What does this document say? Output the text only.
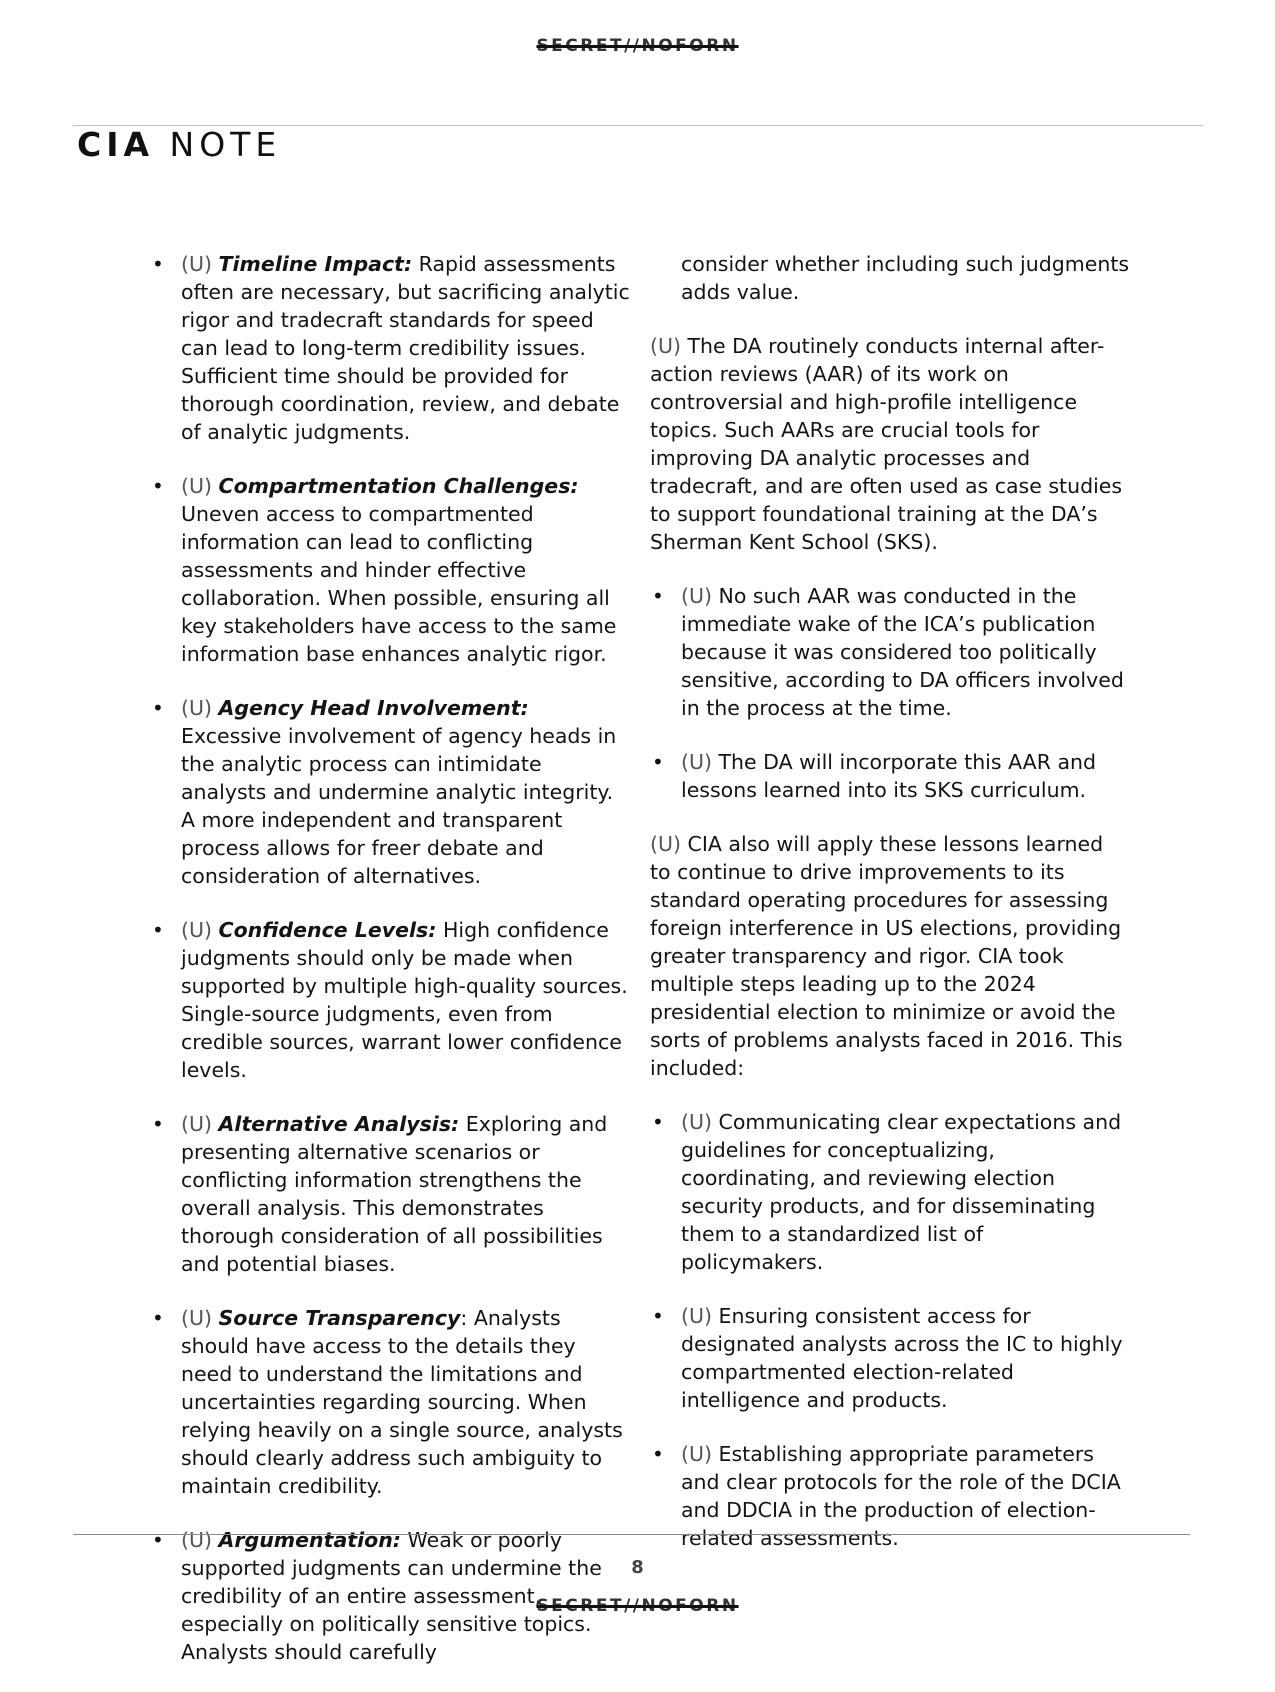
SECRET//NOFORN
CIA NOTE
• (U) Timeline Impact: Rapid assessments often are necessary, but sacrificing analytic rigor and tradecraft standards for speed can lead to long-term credibility issues. Sufficient time should be provided for thorough coordination, review, and debate of analytic judgments.
• (U) Compartmentation Challenges: Uneven access to compartmented information can lead to conflicting assessments and hinder effective collaboration. When possible, ensuring all key stakeholders have access to the same information base enhances analytic rigor.
• (U) Agency Head Involvement: Excessive involvement of agency heads in the analytic process can intimidate analysts and undermine analytic integrity. A more independent and transparent process allows for freer debate and consideration of alternatives.
• (U) Confidence Levels: High confidence judgments should only be made when supported by multiple high-quality sources. Single-source judgments, even from credible sources, warrant lower confidence levels.
• (U) Alternative Analysis: Exploring and presenting alternative scenarios or conflicting information strengthens the overall analysis. This demonstrates thorough consideration of all possibilities and potential biases.
• (U) Source Transparency: Analysts should have access to the details they need to understand the limitations and uncertainties regarding sourcing. When relying heavily on a single source, analysts should clearly address such ambiguity to maintain credibility.
• (U) Argumentation: Weak or poorly supported judgments can undermine the credibility of an entire assessment, especially on politically sensitive topics. Analysts should carefully
consider whether including such judgments adds value.
(U) The DA routinely conducts internal after-action reviews (AAR) of its work on controversial and high-profile intelligence topics. Such AARs are crucial tools for improving DA analytic processes and tradecraft, and are often used as case studies to support foundational training at the DA’s Sherman Kent School (SKS).
• (U) No such AAR was conducted in the immediate wake of the ICA’s publication because it was considered too politically sensitive, according to DA officers involved in the process at the time.
• (U) The DA will incorporate this AAR and lessons learned into its SKS curriculum.
(U) CIA also will apply these lessons learned to continue to drive improvements to its standard operating procedures for assessing foreign interference in US elections, providing greater transparency and rigor. CIA took multiple steps leading up to the 2024 presidential election to minimize or avoid the sorts of problems analysts faced in 2016. This included:
• (U) Communicating clear expectations and guidelines for conceptualizing, coordinating, and reviewing election security products, and for disseminating them to a standardized list of policymakers.
• (U) Ensuring consistent access for designated analysts across the IC to highly compartmented election-related intelligence and products.
• (U) Establishing appropriate parameters and clear protocols for the role of the DCIA and DDCIA in the production of election-related assessments.
8
SECRET//NOFORN
